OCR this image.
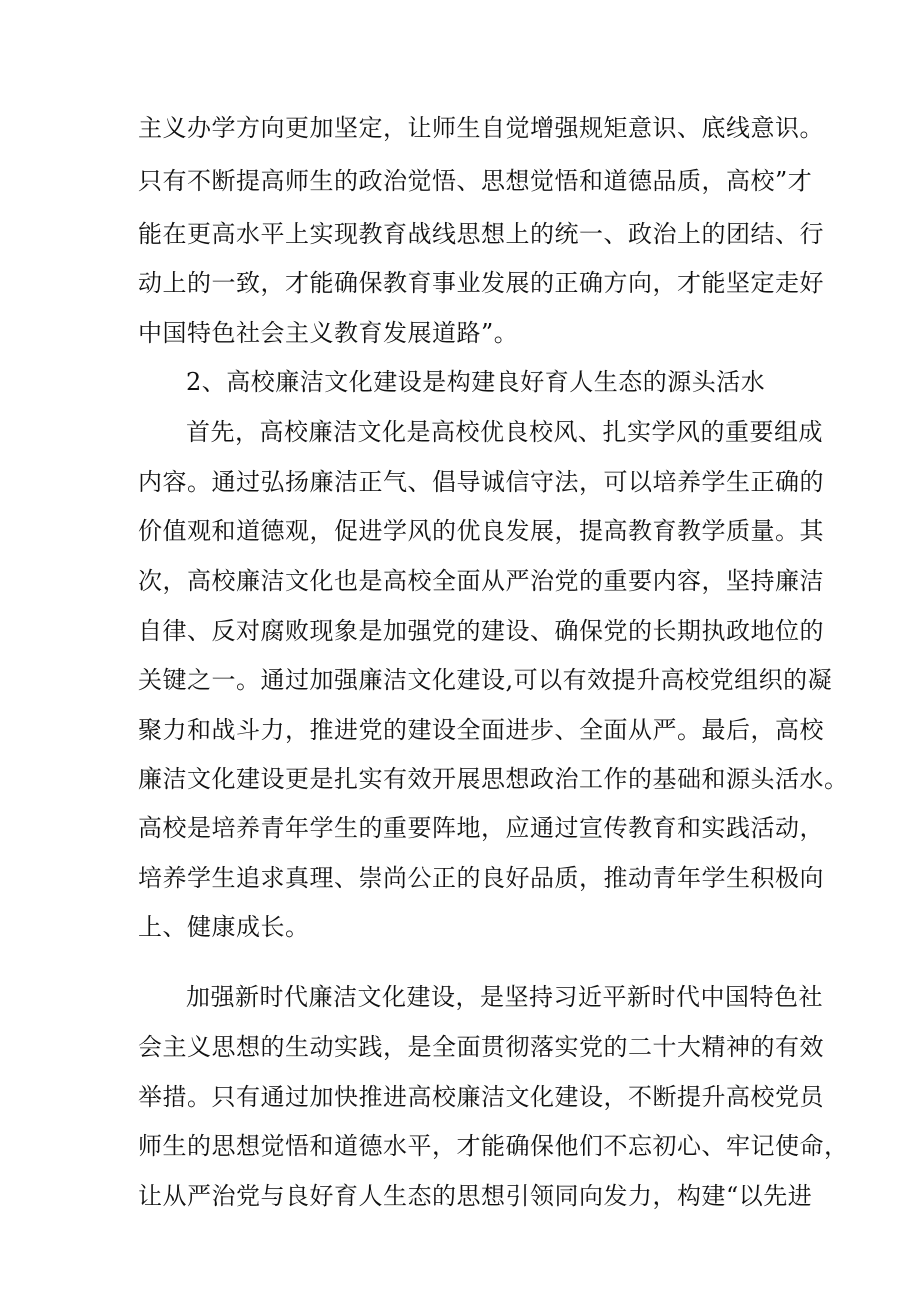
主义办学方向更加坚定，让师生自觉增强规矩意识、底线意识。

只有不断提高师生的政治觉悟、思想觉悟和道德品质，高校”才

能在更高水平上实现教育战线思想上的统一、政治上的团结、行

动上的一致，才能确保教育事业发展的正确方向，才能坚定走好

中国特色社会主义教育发展道路”。

2、高校廉洁文化建设是构建良好育人生态的源头活水

首先，高校廉洁文化是高校优良校风、扎实学风的重要组成

内容。通过弘扬廉洁正气、倡导诚信守法，可以培养学生正确的

价值观和道德观，促进学风的优良发展，提高教育教学质量。其

次，高校廉洁文化也是高校全面从严治党的重要内容，坚持廉洁

自律、反对腐败现象是加强党的建设、确保党的长期执政地位的

关键之一。通过加强廉洁文化建设,可以有效提升高校党组织的凝

聚力和战斗力，推进党的建设全面进步、全面从严。最后，高校

廉洁文化建设更是扎实有效开展思想政治工作的基础和源头活水。

高校是培养青年学生的重要阵地，应通过宣传教育和实践活动，

培养学生追求真理、崇尚公正的良好品质，推动青年学生积极向

上、健康成长。

加强新时代廉洁文化建设，是坚持习近平新时代中国特色社

会主义思想的生动实践，是全面贯彻落实党的二十大精神的有效

举措。只有通过加快推进高校廉洁文化建设，不断提升高校党员

师生的思想觉悟和道德水平，才能确保他们不忘初心、牢记使命，

让从严治党与良好育人生态的思想引领同向发力，构建“以先进
